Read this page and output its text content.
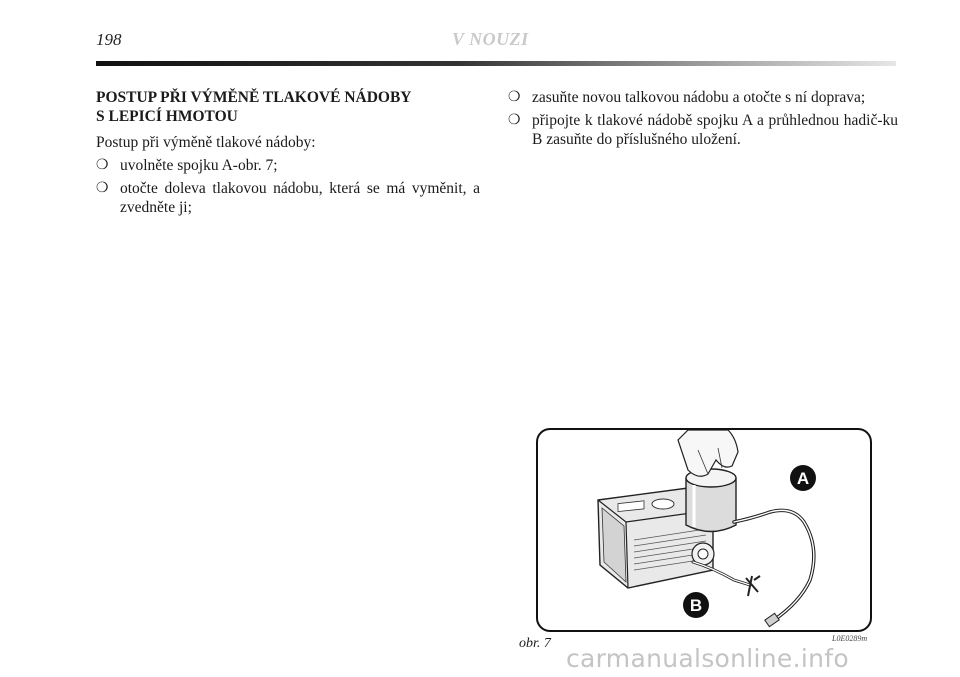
198	V NOUZI
POSTUP PŘI VÝMĚNĚ TLAKOVÉ NÁDOBY
S LEPICÍ HMOTOU
Postup při výměně tlakové nádoby:
❍ uvolněte spojku A-obr. 7;
❍ otočte doleva tlakovou nádobu, která se má vyměnit, a zvedněte ji;
❍ zasuňte novou talkovou nádobu a otočte s ní doprava;
❍ připojte k tlakové nádobě spojku A a průhlednou hadič-ku B zasuňte do příslušného uložení.
A
B
obr. 7	L0E0289m
carmanualsonline.info
